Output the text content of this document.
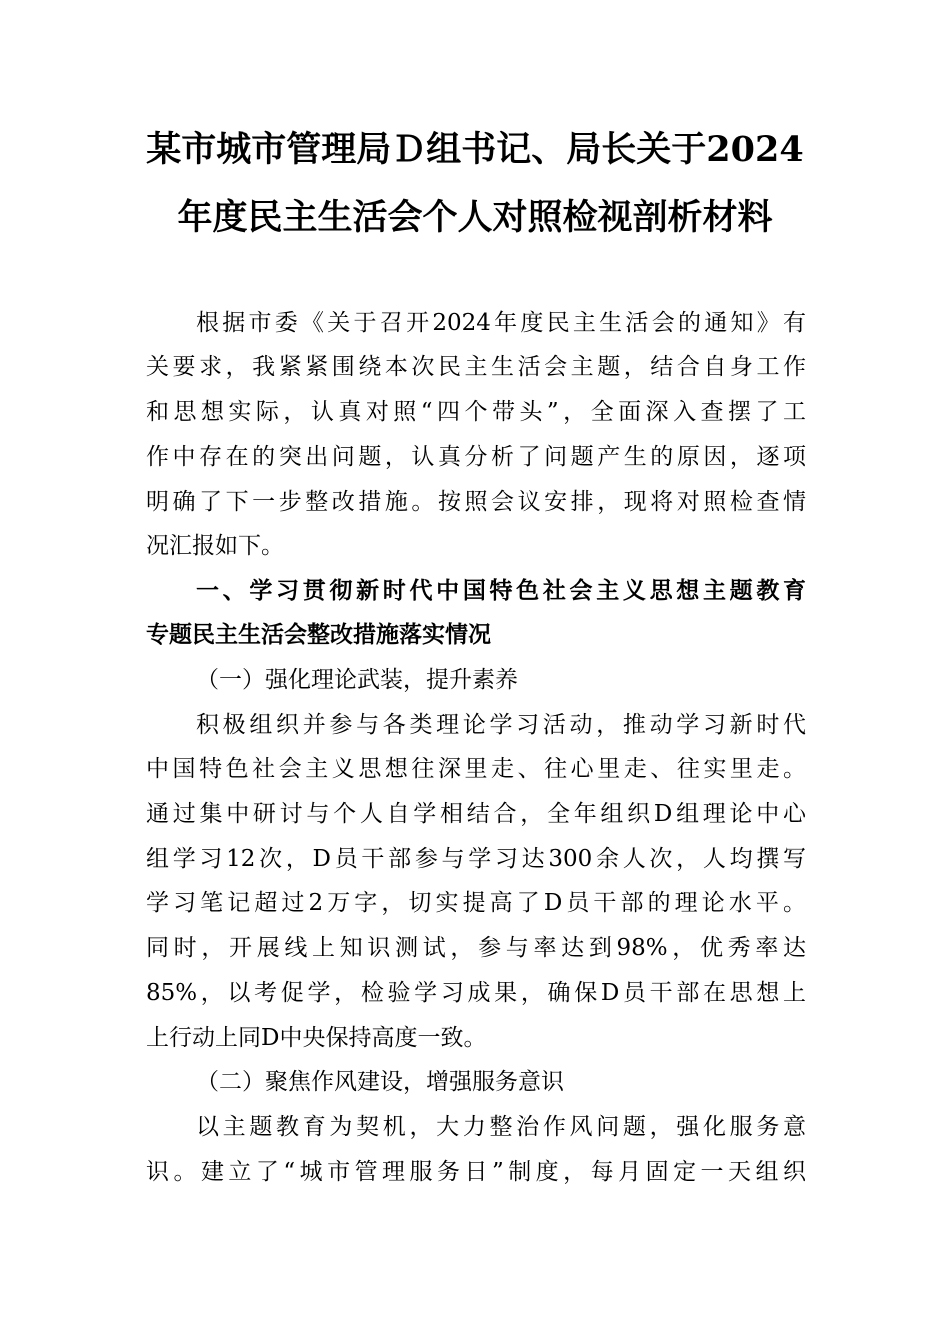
某市城市管理局Ｄ组书记、局长关于2024
年度民主生活会个人对照检视剖析材料
根据市委《关于召开2024年度民主生活会的通知》有
关要求，我紧紧围绕本次民主生活会主题，结合自身工作
和思想实际，认真对照“四个带头”，全面深入查摆了工
作中存在的突出问题，认真分析了问题产生的原因，逐项
明确了下一步整改措施。按照会议安排，现将对照检查情
况汇报如下。
一、学习贯彻新时代中国特色社会主义思想主题教育
专题民主生活会整改措施落实情况
（一）强化理论武装，提升素养
积极组织并参与各类理论学习活动，推动学习新时代
中国特色社会主义思想往深里走、往心里走、往实里走。
通过集中研讨与个人自学相结合，全年组织D组理论中心
组学习12次，D员干部参与学习达300余人次，人均撰写
学习笔记超过2万字，切实提高了D员干部的理论水平。
同时，开展线上知识测试，参与率达到98%，优秀率达
85%，以考促学，检验学习成果，确保D员干部在思想上
上行动上同D中央保持高度一致。
（二）聚焦作风建设，增强服务意识
以主题教育为契机，大力整治作风问题，强化服务意
识。建立了“城市管理服务日”制度，每月固定一天组织
